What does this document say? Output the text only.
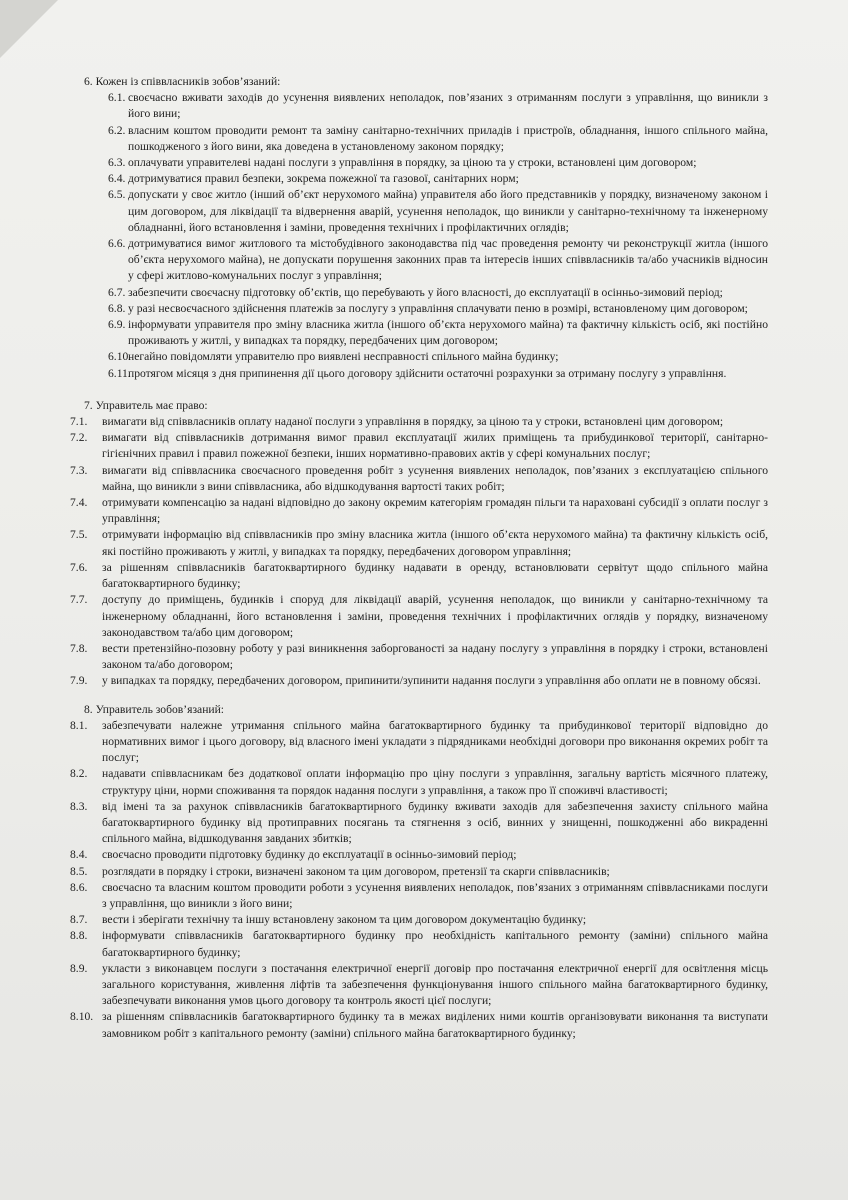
6. Кожен із співвласників зобов’язаний:

6.1. своєчасно вживати заходів до усунення виявлених неполадок, пов’язаних з отриманням послуги з управління, що виникли з його вини;
6.2. власним коштом проводити ремонт та заміну санітарно-технічних приладів і пристроїв, обладнання, іншого спільного майна, пошкодженого з його вини, яка доведена в установленому законом порядку;
6.3. оплачувати управителеві надані послуги з управління в порядку, за ціною та у строки, встановлені цим договором;
6.4. дотримуватися правил безпеки, зокрема пожежної та газової, санітарних норм;
6.5. допускати у своє житло (інший об’єкт нерухомого майна) управителя або його представників у порядку, визначеному законом і цим договором, для ліквідації та відвернення аварій, усунення неполадок, що виникли у санітарно-технічному та інженерному обладнанні, його встановлення і заміни, проведення технічних і профілактичних оглядів;
6.6. дотримуватися вимог житлового та містобудівного законодавства під час проведення ремонту чи реконструкції житла (іншого об’єкта нерухомого майна), не допускати порушення законних прав та інтересів інших співвласників та/або учасників відносин у сфері житлово-комунальних послуг з управління;
6.7. забезпечити своєчасну підготовку об’єктів, що перебувають у його власності, до експлуатації в осінньо-зимовий період;
6.8. у разі несвоєчасного здійснення платежів за послугу з управління сплачувати пеню в розмірі, встановленому цим договором;
6.9. інформувати управителя про зміну власника житла (іншого об’єкта нерухомого майна) та фактичну кількість осіб, які постійно проживають у житлі, у випадках та порядку, передбачених цим договором;
6.10.
негайно повідомляти управителю про виявлені несправності спільного майна будинку;
6.11.
протягом місяця з дня припинення дії цього договору здійснити остаточні розрахунки за отриману послугу з управління.

7. Управитель має право:

7.1. вимагати від співвласників оплату наданої послуги з управління в порядку, за ціною та у строки, встановлені цим договором;
7.2. вимагати від співвласників дотримання вимог правил експлуатації жилих приміщень та прибудинкової території, санітарно-гігієнічних правил і правил пожежної безпеки, інших нормативно-правових актів у сфері комунальних послуг;
7.3. вимагати від співвласника своєчасного проведення робіт з усунення виявлених неполадок, пов’язаних з експлуатацією спільного майна, що виникли з вини співвласника, або відшкодування вартості таких робіт;
7.4. отримувати компенсацію за надані відповідно до закону окремим категоріям громадян пільги та нараховані субсидії з оплати послуг з управління;
7.5. отримувати інформацію від співвласників про зміну власника житла (іншого об’єкта нерухомого майна) та фактичну кількість осіб, які постійно проживають у житлі, у випадках та порядку, передбачених договором управління;
7.6. за рішенням співвласників багатоквартирного будинку надавати в оренду, встановлювати сервітут щодо спільного майна багатоквартирного будинку;
7.7. доступу до приміщень, будинків і споруд для ліквідації аварій, усунення неполадок, що виникли у санітарно-технічному та інженерному обладнанні, його встановлення і заміни, проведення технічних і профілактичних оглядів у порядку, визначеному законодавством та/або цим договором;
7.8. вести претензійно-позовну роботу у разі виникнення заборгованості за надану послугу з управління в порядку і строки, встановлені законом та/або договором;
7.9. у випадках та порядку, передбачених договором, припинити/зупинити надання послуги з управління або оплати не в повному обсязі.

8. Управитель зобов’язаний:

8.1. забезпечувати належне утримання спільного майна багатоквартирного будинку та прибудинкової території відповідно до нормативних вимог і цього договору, від власного імені укладати з підрядниками необхідні договори про виконання окремих робіт та послуг;
8.2. надавати співвласникам без додаткової оплати інформацію про ціну послуги з управління, загальну вартість місячного платежу, структуру ціни, норми споживання та порядок надання послуги з управління, а також про її споживчі властивості;
8.3. від імені та за рахунок співвласників багатоквартирного будинку вживати заходів для забезпечення захисту спільного майна багатоквартирного будинку від протиправних посягань та стягнення з осіб, винних у знищенні, пошкодженні або викраденні спільного майна, відшкодування завданих збитків;
8.4. своєчасно проводити підготовку будинку до експлуатації в осінньо-зимовий період;
8.5. розглядати в порядку і строки, визначені законом та цим договором, претензії та скарги співвласників;
8.6. своєчасно та власним коштом проводити роботи з усунення виявлених неполадок, пов’язаних з отриманням співвласниками послуги з управління, що виникли з його вини;
8.7. вести і зберігати технічну та іншу встановлену законом та цим договором документацію будинку;
8.8. інформувати співвласників багатоквартирного будинку про необхідність капітального ремонту (заміни) спільного майна багатоквартирного будинку;
8.9. укласти з виконавцем послуги з постачання електричної енергії договір про постачання електричної енергії для освітлення місць загального користування, живлення ліфтів та забезпечення функціонування іншого спільного майна багатоквартирного будинку, забезпечувати виконання умов цього договору та контроль якості цієї послуги;
8.10. за рішенням співвласників багатоквартирного будинку та в межах виділених ними коштів організовувати виконання та виступати замовником робіт з капітального ремонту (заміни) спільного майна багатоквартирного будинку;
